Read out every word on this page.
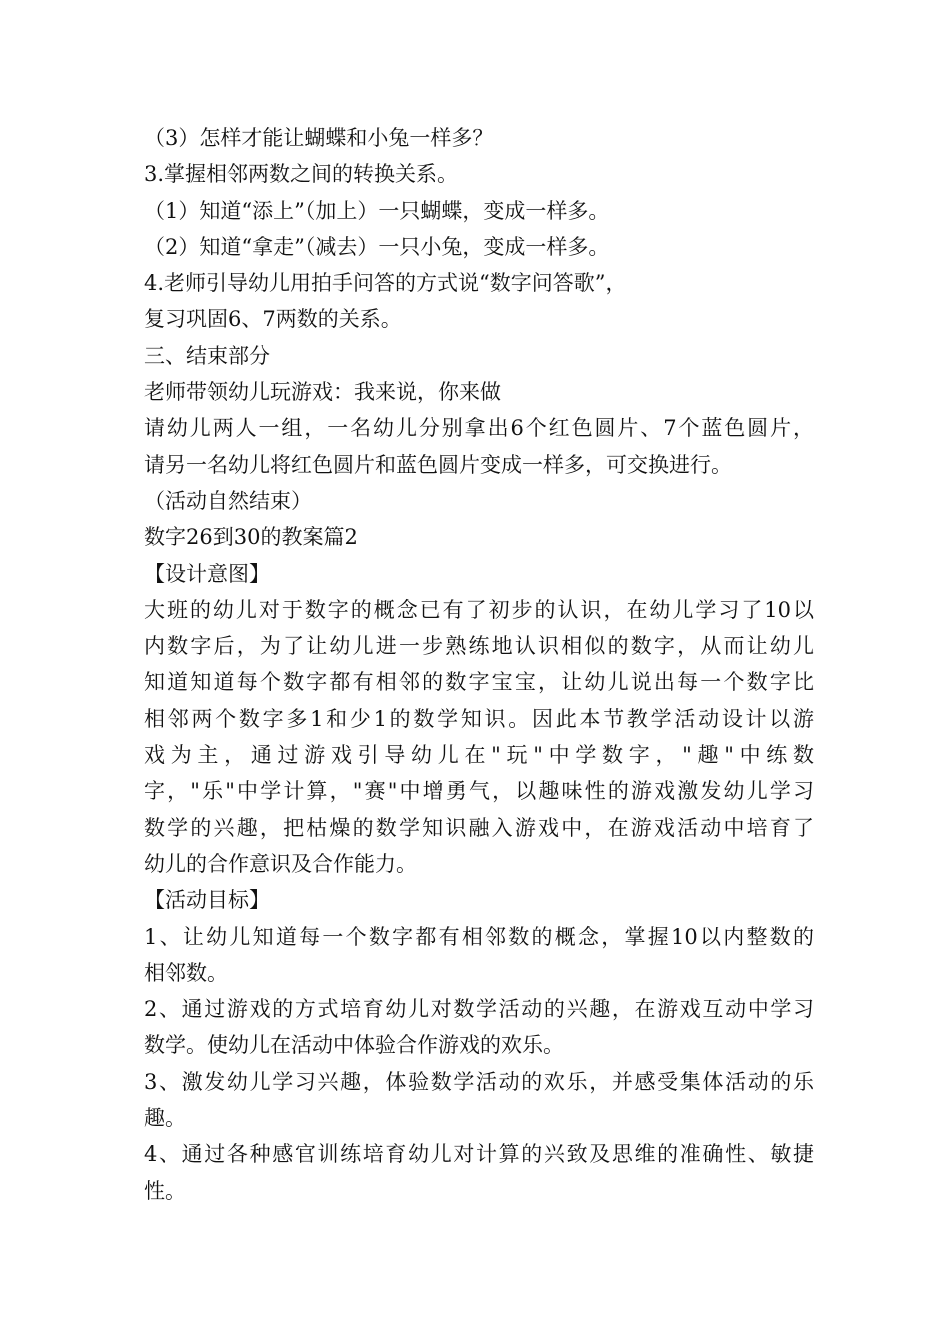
（3）怎样才能让蝴蝶和小兔一样多？
3.掌握相邻两数之间的转换关系。
（1）知道“添上”（加上）一只蝴蝶，变成一样多。
（2）知道“拿走”（减去）一只小兔，变成一样多。
4.老师引导幼儿用拍手问答的方式说“数字问答歌”，
复习巩固6、7两数的关系。
三、结束部分
老师带领幼儿玩游戏：我来说，你来做
请幼儿两人一组，一名幼儿分别拿出6个红色圆片、7个蓝色圆片，
请另一名幼儿将红色圆片和蓝色圆片变成一样多，可交换进行。
（活动自然结束）
数字26到30的教案篇2
【设计意图】
大班的幼儿对于数字的概念已有了初步的认识，在幼儿学习了10以
内数字后，为了让幼儿进一步熟练地认识相似的数字，从而让幼儿
知道知道每个数字都有相邻的数字宝宝，让幼儿说出每一个数字比
相邻两个数字多1和少1的数学知识。因此本节教学活动设计以游
戏为主，通过游戏引导幼儿在"玩"中学数字，"趣"中练数
字，"乐"中学计算，"赛"中增勇气，以趣味性的游戏激发幼儿学习
数学的兴趣，把枯燥的数学知识融入游戏中，在游戏活动中培育了
幼儿的合作意识及合作能力。
【活动目标】
1、让幼儿知道每一个数字都有相邻数的概念，掌握10以内整数的
相邻数。
2、通过游戏的方式培育幼儿对数学活动的兴趣，在游戏互动中学习
数学。使幼儿在活动中体验合作游戏的欢乐。
3、激发幼儿学习兴趣，体验数学活动的欢乐，并感受集体活动的乐
趣。
4、通过各种感官训练培育幼儿对计算的兴致及思维的准确性、敏捷
性。
